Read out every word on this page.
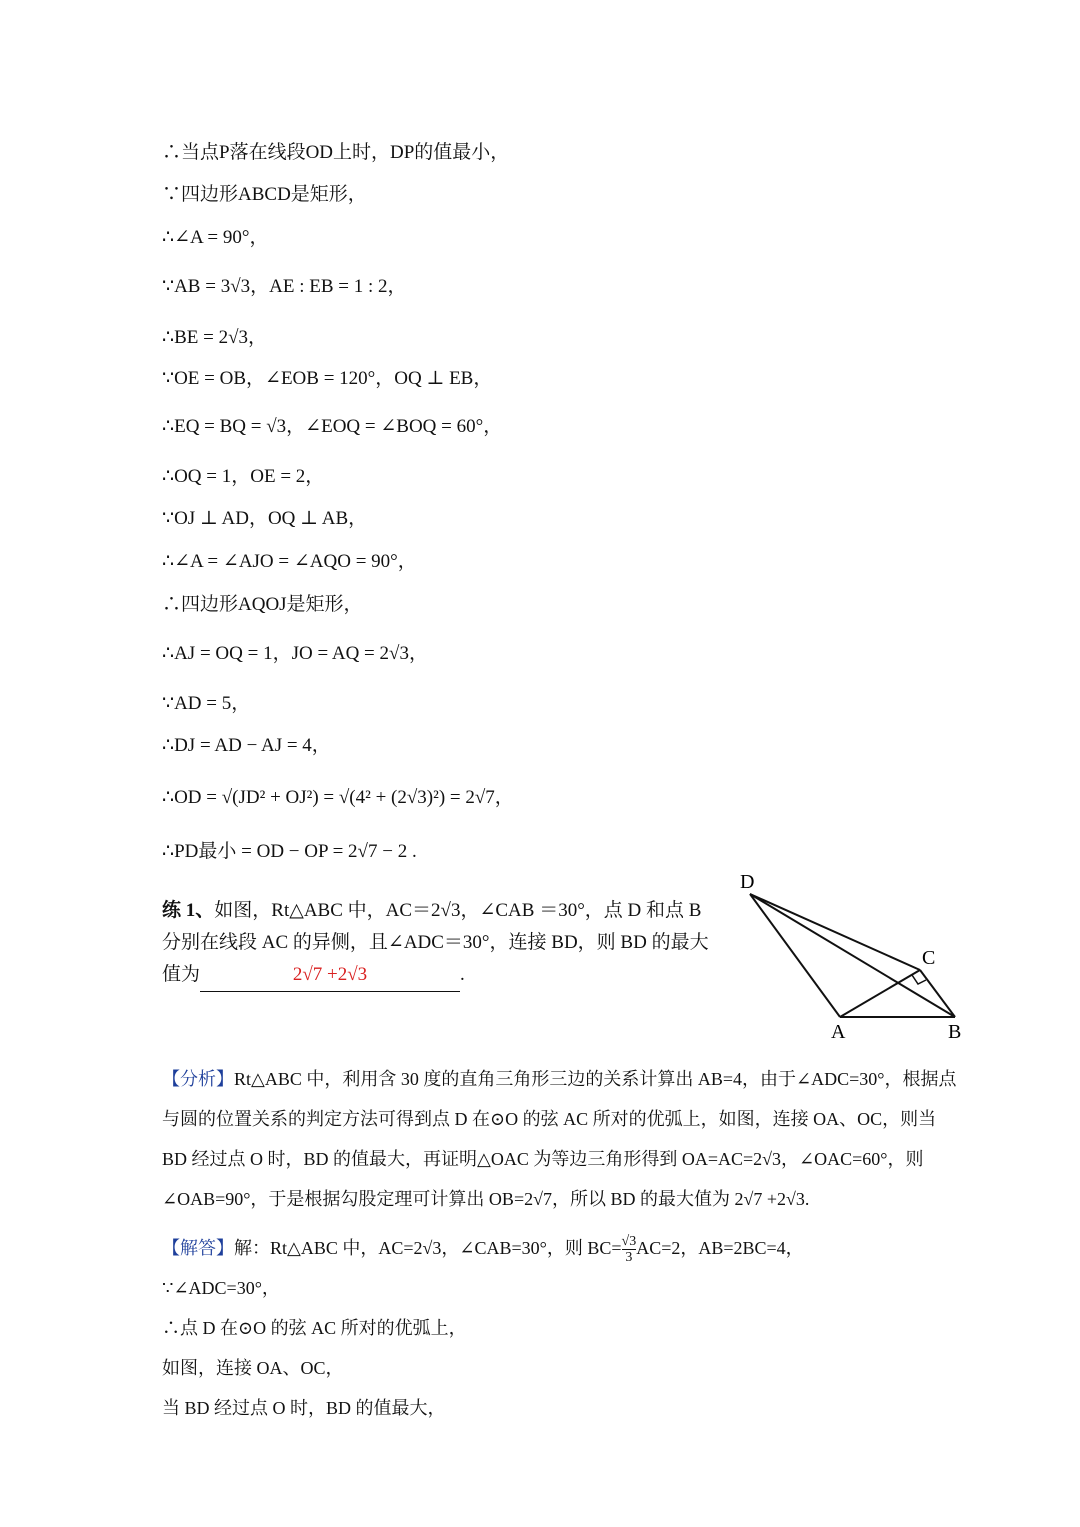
∴当点P落在线段OD上时，DP的值最小，
∵四边形ABCD是矩形，
∴∠A = 90°，
∵AB = 3√3，AE : EB = 1 : 2，
∴BE = 2√3，
∵OE = OB，∠EOB = 120°，OQ ⊥ EB，
∴EQ = BQ = √3，∠EOQ = ∠BOQ = 60°，
∴OQ = 1，OE = 2，
∵OJ ⊥ AD，OQ ⊥ AB，
∴∠A = ∠AJO = ∠AQO = 90°，
∴四边形AQOJ是矩形，
∴AJ = OQ = 1，JO = AQ = 2√3，
∵AD = 5，
∴DJ = AD − AJ = 4，
∴OD = √(JD² + OJ²) = √(4² + (2√3)²) = 2√7，
∴PD最小 = OD − OP = 2√7 − 2 .
练 1、如图，Rt△ABC 中，AC＝2√3，∠CAB ＝30°，点 D 和点 B 分别在线段 AC 的异侧，且∠ADC＝30°，连接 BD，则 BD 的最大值为	2√7 +2√3	.
D
C
A	B
【分析】Rt△ABC 中，利用含 30 度的直角三角形三边的关系计算出 AB=4，由于∠ADC=30°，根据点与圆的位置关系的判定方法可得到点 D 在⊙O 的弦 AC 所对的优弧上，如图，连接 OA、OC，则当 BD 经过点 O 时，BD 的值最大，再证明△OAC 为等边三角形得到 OA=AC=2√3，∠OAC=60°，则∠OAB=90°，于是根据勾股定理可计算出 OB=2√7，所以 BD 的最大值为 2√7 +2√3.
【解答】解：Rt△ABC 中，AC=2√3，∠CAB=30°，则 $BC= \frac{√3}{3} AC=2$，AB=2BC=4，
∵∠ADC=30°，
∴点 D 在⊙O 的弦 AC 所对的优弧上，
如图，连接 OA、OC，
当 BD 经过点 O 时，BD 的值最大，
